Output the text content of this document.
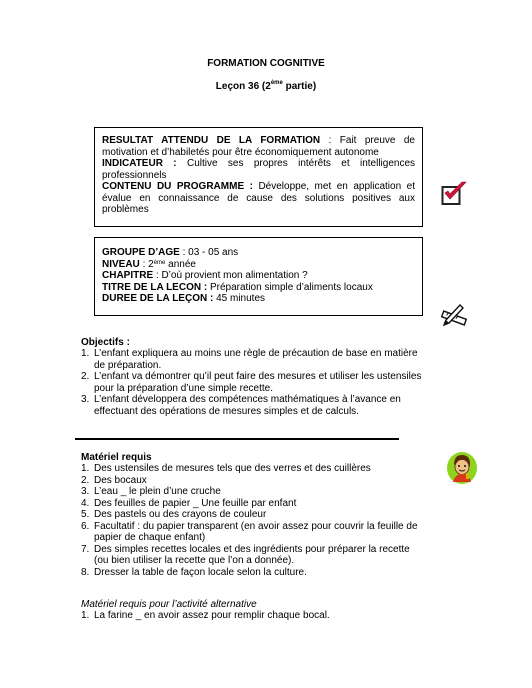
FORMATION COGNITIVE
Leçon 36 (2ème partie)

RESULTAT ATTENDU DE LA FORMATION : Fait preuve de motivation et d’habiletés pour être économiquement autonome

INDICATEUR : Cultive ses propres intérêts et intelligences professionnels

CONTENU DU PROGRAMME : Développe, met en application et évalue en connaissance de cause des solutions positives aux problèmes

GROUPE D’AGE : 03 - 05 ans

NIVEAU : 2ème année

CHAPITRE : D’où provient mon alimentation ?

TITRE DE LA LECON : Préparation simple d’aliments locaux

DUREE DE LA LEÇON : 45 minutes

Objectifs :
1. L’enfant expliquera au moins une règle de précaution de base en matière de préparation.
2. L’enfant va démontrer qu’il peut faire des mesures et utiliser les ustensiles pour la préparation d’une simple recette.
3. L’enfant développera des compétences mathématiques à l’avance en effectuant des opérations de mesures simples et de calculs.
Matériel requis
1. Des ustensiles de mesures tels que des verres et des cuillères
2. Des bocaux
3. L’eau _ le plein d’une cruche
4. Des feuilles de papier _ Une feuille par enfant
5. Des pastels ou des crayons de couleur
6. Facultatif : du papier transparent (en avoir assez pour couvrir la feuille de papier de chaque enfant)
7. Des simples recettes locales et des ingrédients pour préparer la recette (ou bien utiliser la recette que l’on a donnée).
8. Dresser la table de façon locale selon la culture.
Matériel requis pour l’activité alternative
1. La farine _ en avoir assez pour remplir chaque bocal.
